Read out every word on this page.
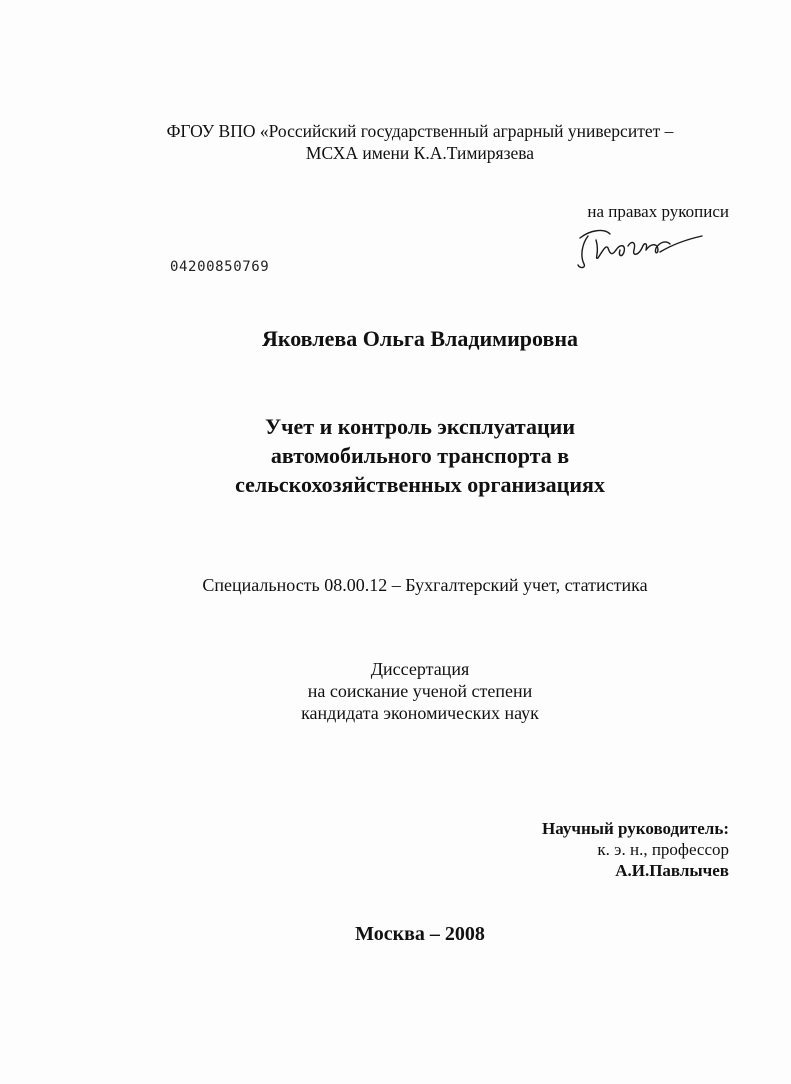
ФГОУ ВПО «Российский государственный аграрный университет –
МСХА имени К.А.Тимирязева
на правах рукописи
04200850769
Яковлева Ольга Владимировна
Учет и контроль эксплуатации
автомобильного транспорта в
сельскохозяйственных организациях
Специальность 08.00.12 – Бухгалтерский учет, статистика
Диссертация
на соискание ученой степени
кандидата экономических наук
Научный руководитель:
к. э. н., профессор
А.И.Павлычев
Москва – 2008
